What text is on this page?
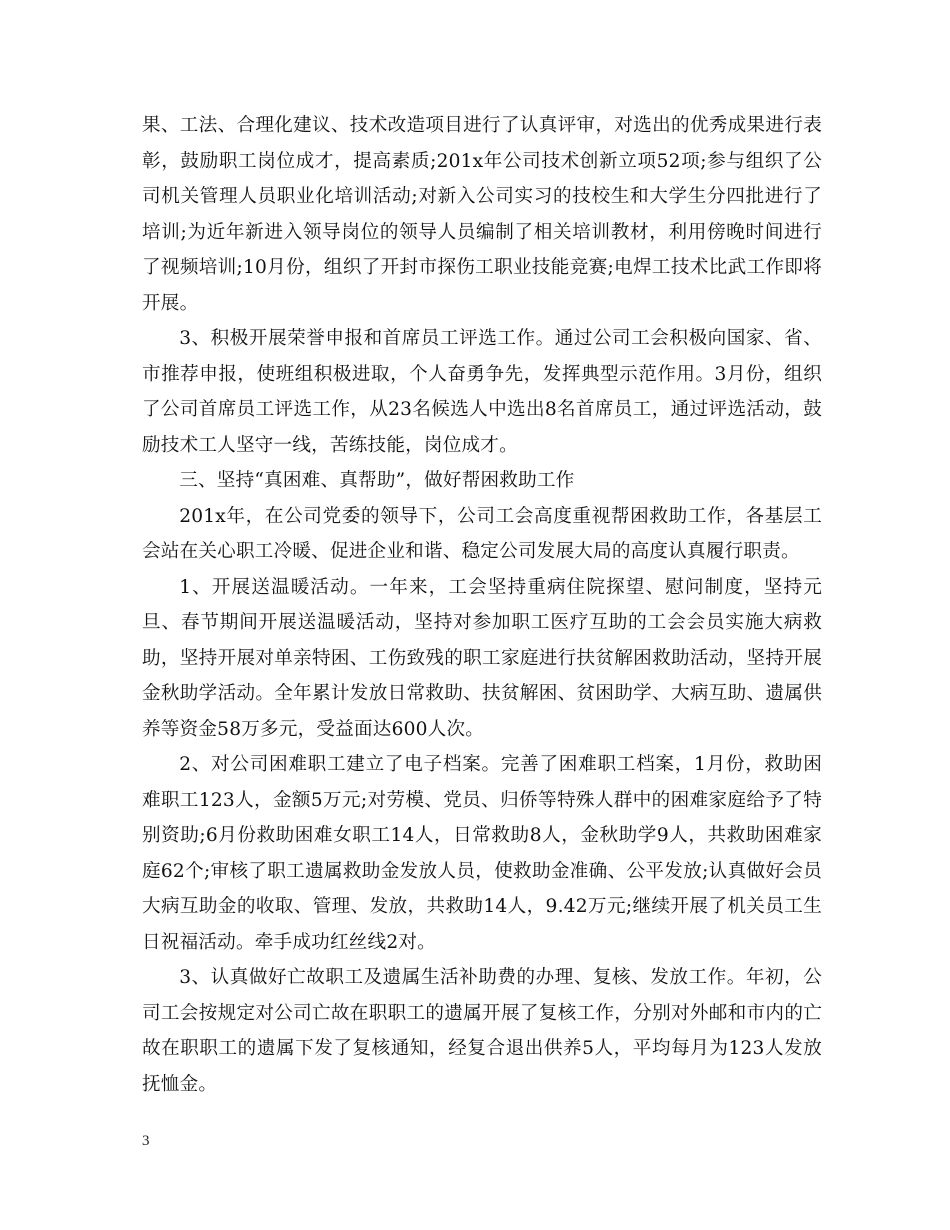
果、工法、合理化建议、技术改造项目进行了认真评审，对选出的优秀成果进行表彰，鼓励职工岗位成才，提高素质;201x年公司技术创新立项52项;参与组织了公司机关管理人员职业化培训活动;对新入公司实习的技校生和大学生分四批进行了培训;为近年新进入领导岗位的领导人员编制了相关培训教材，利用傍晚时间进行了视频培训;10月份，组织了开封市探伤工职业技能竞赛;电焊工技术比武工作即将开展。

3、积极开展荣誉申报和首席员工评选工作。通过公司工会积极向国家、省、市推荐申报，使班组积极进取，个人奋勇争先，发挥典型示范作用。3月份，组织了公司首席员工评选工作，从23名候选人中选出8名首席员工，通过评选活动，鼓励技术工人坚守一线，苦练技能，岗位成才。

三、坚持“真困难、真帮助”，做好帮困救助工作

201x年，在公司党委的领导下，公司工会高度重视帮困救助工作，各基层工会站在关心职工冷暖、促进企业和谐、稳定公司发展大局的高度认真履行职责。

1、开展送温暖活动。一年来，工会坚持重病住院探望、慰问制度，坚持元旦、春节期间开展送温暖活动，坚持对参加职工医疗互助的工会会员实施大病救助，坚持开展对单亲特困、工伤致残的职工家庭进行扶贫解困救助活动，坚持开展金秋助学活动。全年累计发放日常救助、扶贫解困、贫困助学、大病互助、遗属供养等资金58万多元，受益面达600人次。

2、对公司困难职工建立了电子档案。完善了困难职工档案，1月份，救助困难职工123人，金额5万元;对劳模、党员、归侨等特殊人群中的困难家庭给予了特别资助;6月份救助困难女职工14人，日常救助8人，金秋助学9人，共救助困难家庭62个;审核了职工遗属救助金发放人员，使救助金准确、公平发放;认真做好会员大病互助金的收取、管理、发放，共救助14人，9.42万元;继续开展了机关员工生日祝福活动。牵手成功红丝线2对。

3、认真做好亡故职工及遗属生活补助费的办理、复核、发放工作。年初，公司工会按规定对公司亡故在职职工的遗属开展了复核工作，分别对外邮和市内的亡故在职职工的遗属下发了复核通知，经复合退出供养5人，平均每月为123人发放抚恤金。

3
